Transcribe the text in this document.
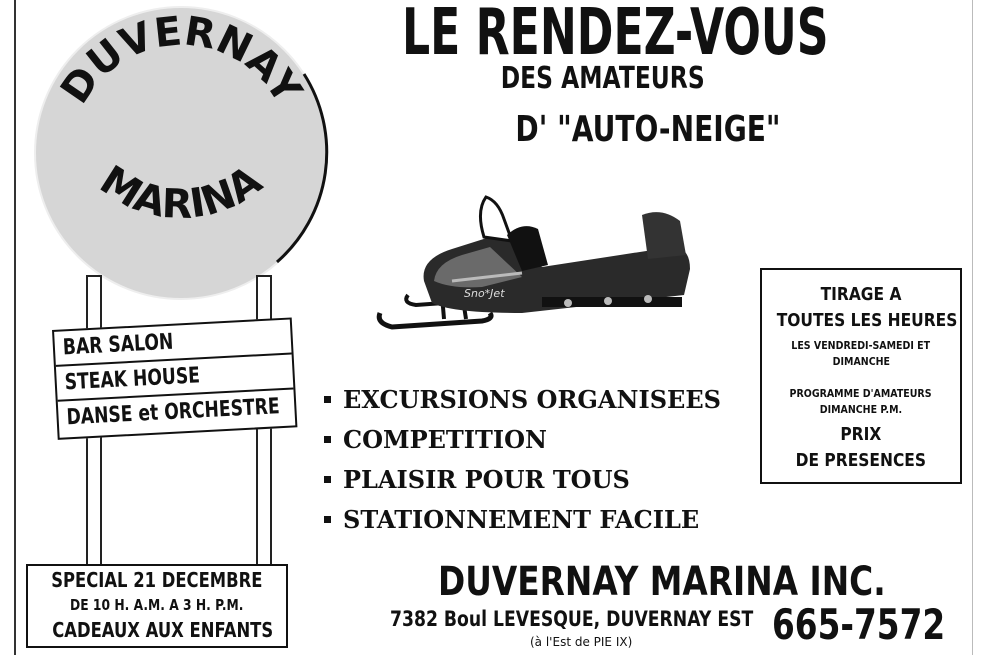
DUVERNAY
MARINA
BAR SALON
STEAK HOUSE
DANSE et ORCHESTRE
SPECIAL 21 DECEMBRE
DE 10 H. A.M. A 3 H. P.M.
CADEAUX AUX ENFANTS
LE RENDEZ-VOUS
DES AMATEURS
D' "AUTO-NEIGE"
Sno*Jet
EXCURSIONS ORGANISEES
COMPETITION
PLAISIR POUR TOUS
STATIONNEMENT FACILE
TIRAGE A
TOUTES LES HEURES
LES VENDREDI-SAMEDI ET
DIMANCHE
PROGRAMME D'AMATEURS
DIMANCHE P.M.
PRIX
DE PRESENCES
DUVERNAY MARINA INC.
7382 Boul LEVESQUE, DUVERNAY EST 665-7572
(à l'Est de PIE IX)
